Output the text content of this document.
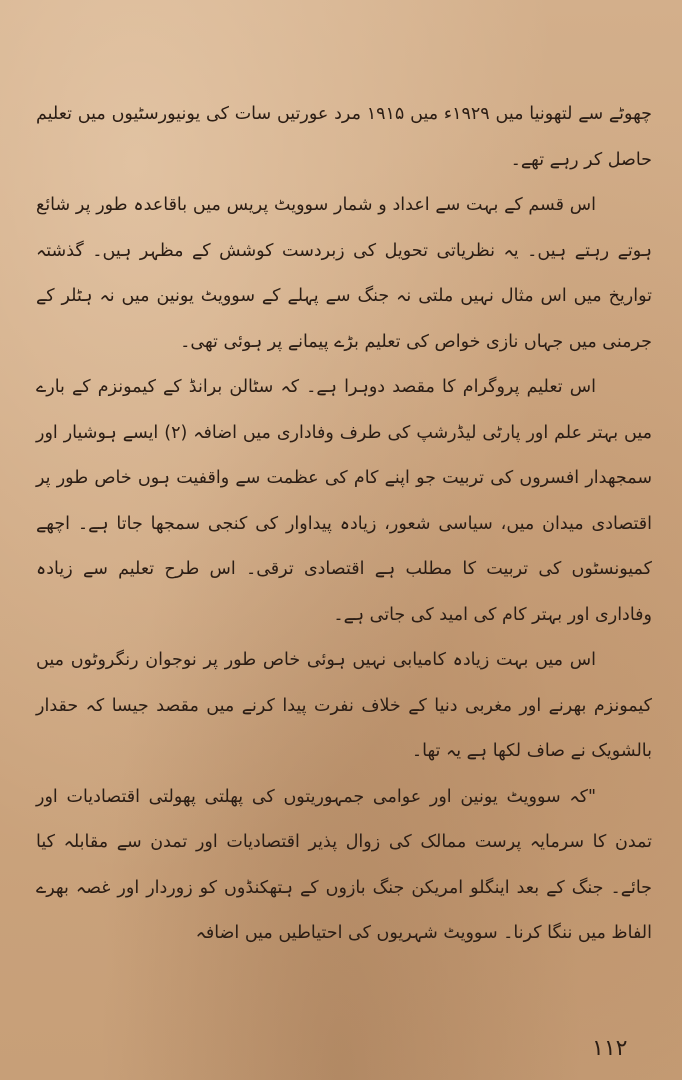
چھوٹے سے لتھونیا میں ۱۹۲۹ء میں ۱۹۱۵ مرد عورتیں سات کی یونیورسٹیوں میں تعلیم حاصل کر رہے تھے۔

اس قسم کے بہت سے اعداد و شمار سوویٹ پریس میں باقاعدہ طور پر شائع ہوتے رہتے ہیں۔ یہ نظریاتی تحویل کی زبردست کوشش کے مظہر ہیں۔ گذشتہ تواریخ میں اس مثال نہیں ملتی نہ جنگ سے پہلے کے سوویٹ یونین میں نہ ہٹلر کے جرمنی میں جہاں نازی خواص کی تعلیم بڑے پیمانے پر ہوئی تھی۔

اس تعلیم پروگرام کا مقصد دوہرا ہے۔ کہ سٹالن برانڈ کے کیمونزم کے بارے میں بہتر علم اور پارٹی لیڈرشپ کی طرف وفاداری میں اضافہ (۲) ایسے ہوشیار اور سمجھدار افسروں کی تربیت جو اپنے کام کی عظمت سے واقفیت ہوں خاص طور پر اقتصادی میدان میں، سیاسی شعور، زیادہ پیداوار کی کنجی سمجھا جاتا ہے۔ اچھے کمیونسٹوں کی تربیت کا مطلب ہے اقتصادی ترقی۔ اس طرح تعلیم سے زیادہ وفاداری اور بہتر کام کی امید کی جاتی ہے۔

اس میں بہت زیادہ کامیابی نہیں ہوئی خاص طور پر نوجوان رنگروٹوں میں کیمونزم بھرنے اور مغربی دنیا کے خلاف نفرت پیدا کرنے میں مقصد جیسا کہ حقدار بالشویک نے صاف لکھا ہے یہ تھا۔

"کہ سوویٹ یونین اور عوامی جمہوریتوں کی پھلتی پھولتی اقتصادیات اور تمدن کا سرمایہ پرست ممالک کی زوال پذیر اقتصادیات اور تمدن سے مقابلہ کیا جائے۔ جنگ کے بعد اینگلو امریکن جنگ بازوں کے ہتھکنڈوں کو زوردار اور غصہ بھرے الفاظ میں ننگا کرنا۔ سوویٹ شہریوں کی احتیاطیں میں اضافہ

۱۱۲
